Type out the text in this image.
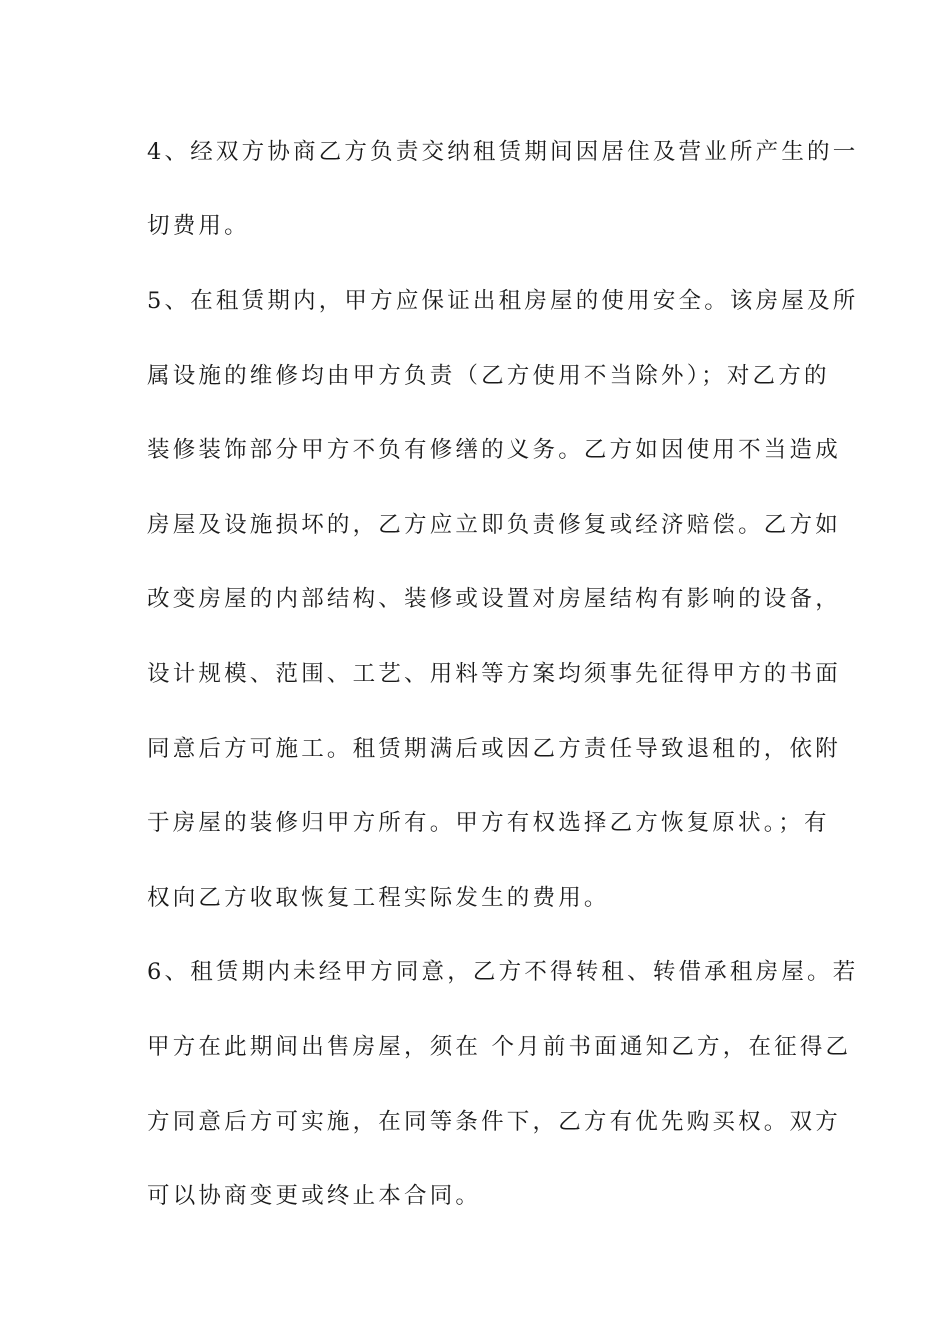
4、经双方协商乙方负责交纳租赁期间因居住及营业所产生的一
切费用。
5、在租赁期内，甲方应保证出租房屋的使用安全。该房屋及所
属设施的维修均由甲方负责（乙方使用不当除外）；对乙方的
装修装饰部分甲方不负有修缮的义务。乙方如因使用不当造成
房屋及设施损坏的，乙方应立即负责修复或经济赔偿。乙方如
改变房屋的内部结构、装修或设置对房屋结构有影响的设备，
设计规模、范围、工艺、用料等方案均须事先征得甲方的书面
同意后方可施工。租赁期满后或因乙方责任导致退租的，依附
于房屋的装修归甲方所有。甲方有权选择乙方恢复原状。；有
权向乙方收取恢复工程实际发生的费用。
6、租赁期内未经甲方同意，乙方不得转租、转借承租房屋。若
甲方在此期间出售房屋，须在 个月前书面通知乙方，在征得乙
方同意后方可实施，在同等条件下，乙方有优先购买权。双方
可以协商变更或终止本合同。
